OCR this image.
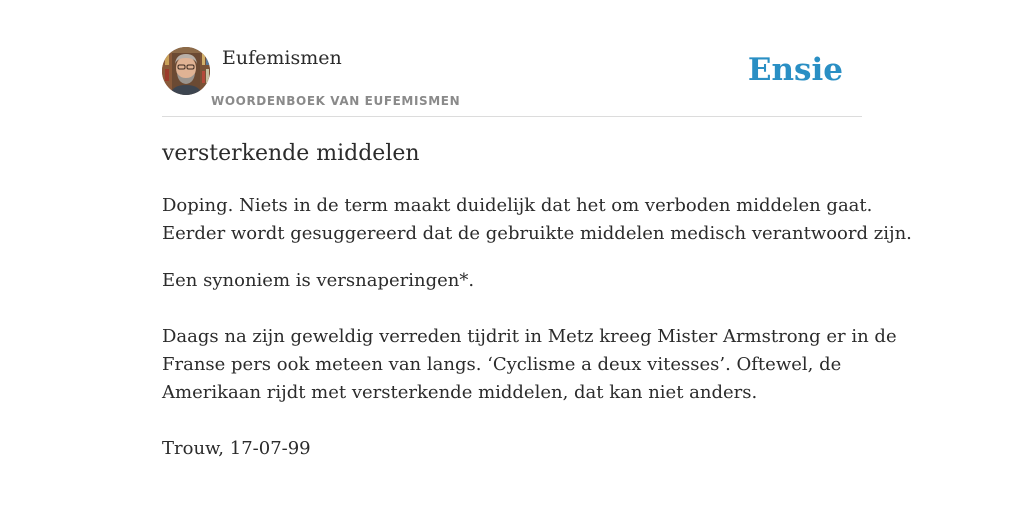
Eufemismen
WOORDENBOEK VAN EUFEMISMEN
Ensie
versterkende middelen

Doping. Niets in de term maakt duidelijk dat het om verboden middelen gaat.
Eerder wordt gesuggereerd dat de gebruikte middelen medisch verantwoord zijn.

Een synoniem is versnaperingen*.

Daags na zijn geweldig verreden tijdrit in Metz kreeg Mister Armstrong er in de
Franse pers ook meteen van langs. ‘Cyclisme a deux vitesses’. Oftewel, de
Amerikaan rijdt met versterkende middelen, dat kan niet anders.

Trouw, 17-07-99
